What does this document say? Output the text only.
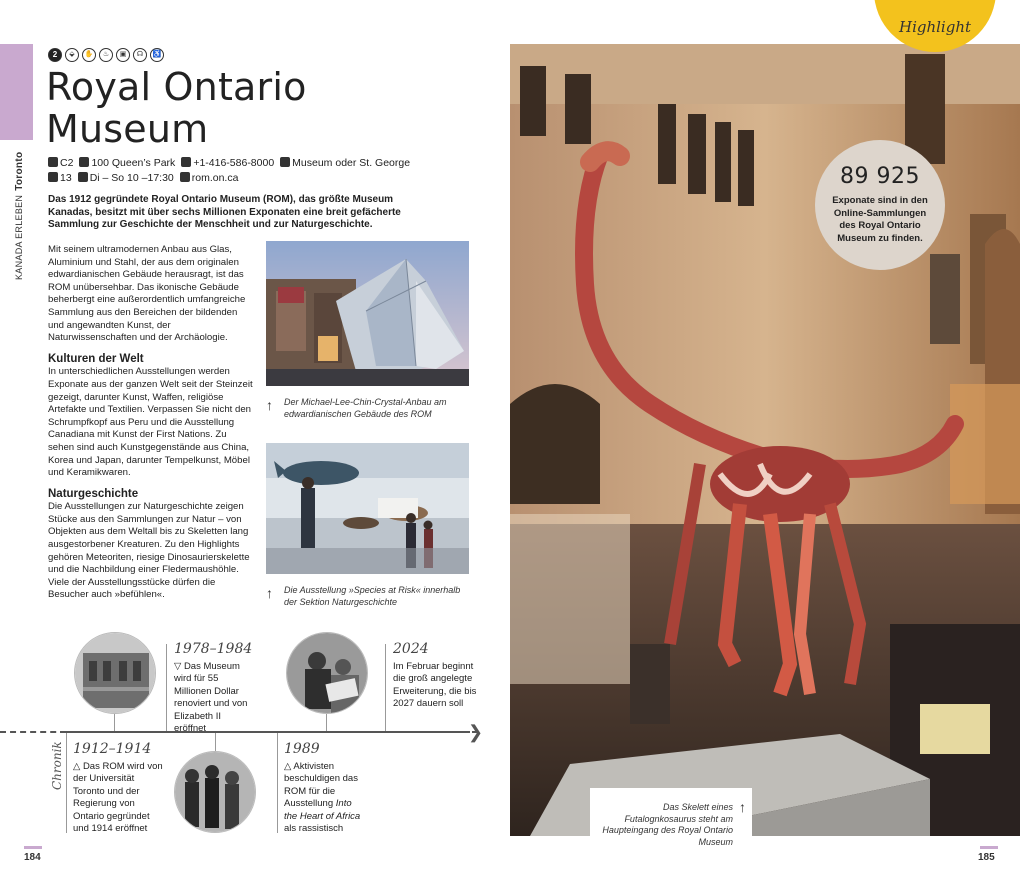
KANADA ERLEBENToronto
2	⬙	✋	♨	▣	☊	♿
Royal Ontario
Museum
C2	100 Queen’s Park	+1-416-586-8000	Museum oder St. George
13	Di – So 10 –17:30	rom.on.ca

Das 1912 gegründete Royal Ontario Museum (ROM), das größte Museum Kanadas, besitzt mit über sechs Millionen Exponaten eine breit gefächerte Sammlung zur Geschichte der Menschheit und zur Naturgeschichte.

Mit seinem ultramodernen Anbau aus Glas, Aluminium und Stahl, der aus dem originalen edwardianischen Gebäude herausragt, ist das ROM unübersehbar. Das ikonische Gebäude beherbergt eine außerordentlich umfangreiche Sammlung aus den Bereichen der bildenden und angewandten Kunst, der Naturwissenschaften und der Archäologie.

Kulturen der Welt

In unterschiedlichen Ausstellungen werden Exponate aus der ganzen Welt seit der Steinzeit gezeigt, darunter Kunst, Waffen, religiöse Artefakte und Textilien. Verpassen Sie nicht den Schrumpfkopf aus Peru und die Ausstellung Canadiana mit Kunst der First Nations. Zu sehen sind auch Kunstgegenstände aus China, Korea und Japan, darunter Tempelkunst, Möbel und Keramikwaren.

Naturgeschichte

Die Ausstellungen zur Naturgeschichte zeigen Stücke aus den Sammlungen zur Natur – von Objekten aus dem Weltall bis zu Skeletten lang ausgestorbener Kreaturen. Zu den Highlights gehören Meteoriten, riesige Dinosaurierskelette und die Nachbildung einer Fledermaushöhle. Viele der Ausstellungsstücke dürfen die Besucher auch »befühlen«.

↑ Der Michael-Lee-Chin-Crystal-Anbau am edwardianischen Gebäude des ROM
↑ Die Ausstellung »Species at Risk« innerhalb der Sektion Naturgeschichte
❯
Chronik
1978–1984
▽ Das Museum wird für 55 Millionen Dollar renoviert und von Elizabeth II eröffnet
2024
Im Februar beginnt die groß angelegte Erweiterung, die bis 2027 dauern soll
1912–1914
△ Das ROM wird von der Universität Toronto und der Regierung von Ontario gegründet und 1914 eröffnet
1989
△ Aktivisten beschuldigen das ROM für die Ausstellung Into the Heart of Africa als rassistisch
184
Highlight
89 925
Exponate sind in den Online-Sammlungen des Royal Ontario Museum zu finden.
Das Skelett eines Futalognkosaurus steht am Haupteingang des Royal Ontario Museum
↑
185
